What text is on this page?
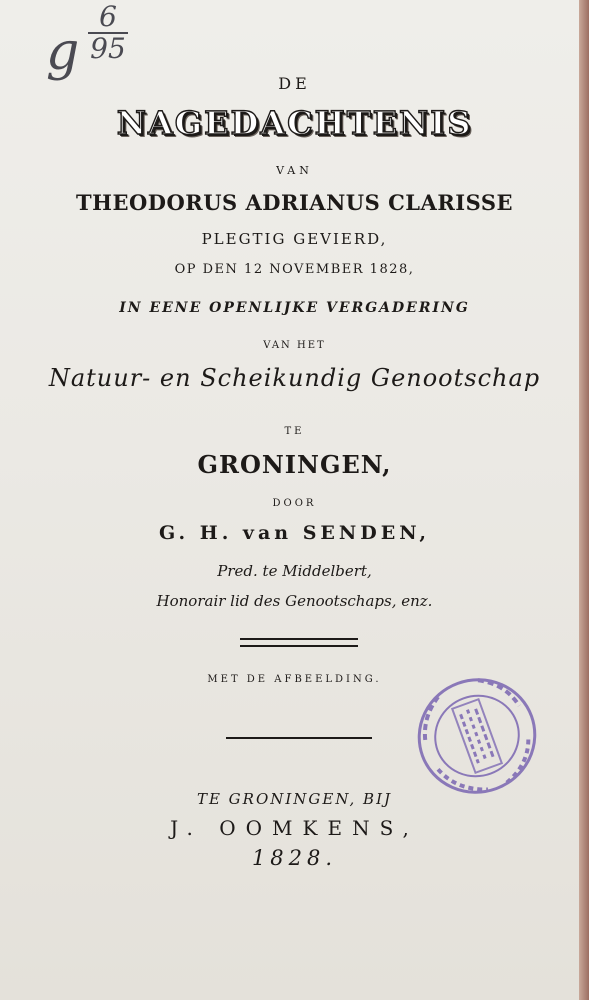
g
6
95
DE
NAGEDACHTENIS
VAN
THEODORUS ADRIANUS CLARISSE
PLEGTIG GEVIERD,
OP DEN 12 NOVEMBER 1828,
IN EENE OPENLIJKE VERGADERING
VAN HET
Natuur- en Scheikundig Genootschap
TE
GRONINGEN,
DOOR
G. H. van SENDEN,
Pred. te Middelbert,
Honorair lid des Genootschaps, enz.
MET DE AFBEELDING.
TE GRONINGEN, BIJ
J. OOMKENS,
1828.
